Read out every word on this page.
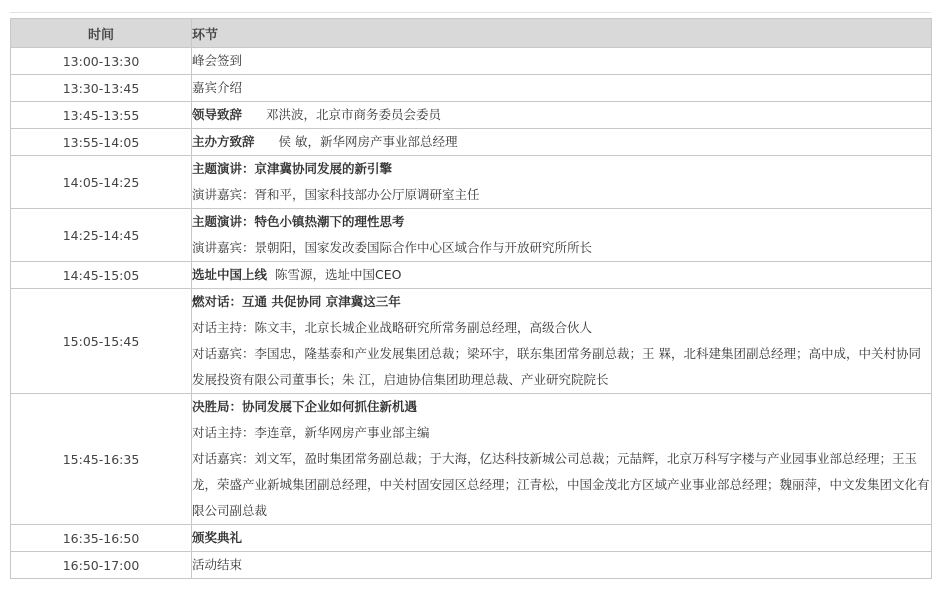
时间	环节
13:00-13:30	峰会签到

13:30-13:45	嘉宾介绍

13:45-13:55	领导致辞 邓洪波，北京市商务委员会委员

13:55-14:05	主办方致辞 侯 敏，新华网房产事业部总经理

14:05-14:25	主题演讲：京津冀协同发展的新引擎
演讲嘉宾：胥和平，国家科技部办公厅原调研室主任

14:25-14:45	主题演讲：特色小镇热潮下的理性思考
演讲嘉宾：景朝阳，国家发改委国际合作中心区域合作与开放研究所所长

14:45-15:05	选址中国上线 陈雪源，选址中国CEO

15:05-15:45	燃对话：互通 共促协同 京津冀这三年
对话主持：陈文丰，北京长城企业战略研究所常务副总经理，高级合伙人
对话嘉宾：李国忠，隆基泰和产业发展集团总裁；梁环宇，联东集团常务副总裁；王 槑，北科建集团副总经理；高中成，中关村协同发展投资有限公司董事长；朱 江，启迪协信集团助理总裁、产业研究院院长

15:45-16:35	决胜局：协同发展下企业如何抓住新机遇
对话主持：李连章，新华网房产事业部主编
对话嘉宾：刘文军，盈时集团常务副总裁；于大海，亿达科技新城公司总裁；元喆辉，北京万科写字楼与产业园事业部总经理；王玉龙，荣盛产业新城集团副总经理，中关村固安园区总经理；江青松，中国金茂北方区域产业事业部总经理；魏丽萍，中文发集团文化有限公司副总裁

16:35-16:50	颁奖典礼

16:50-17:00	活动结束
